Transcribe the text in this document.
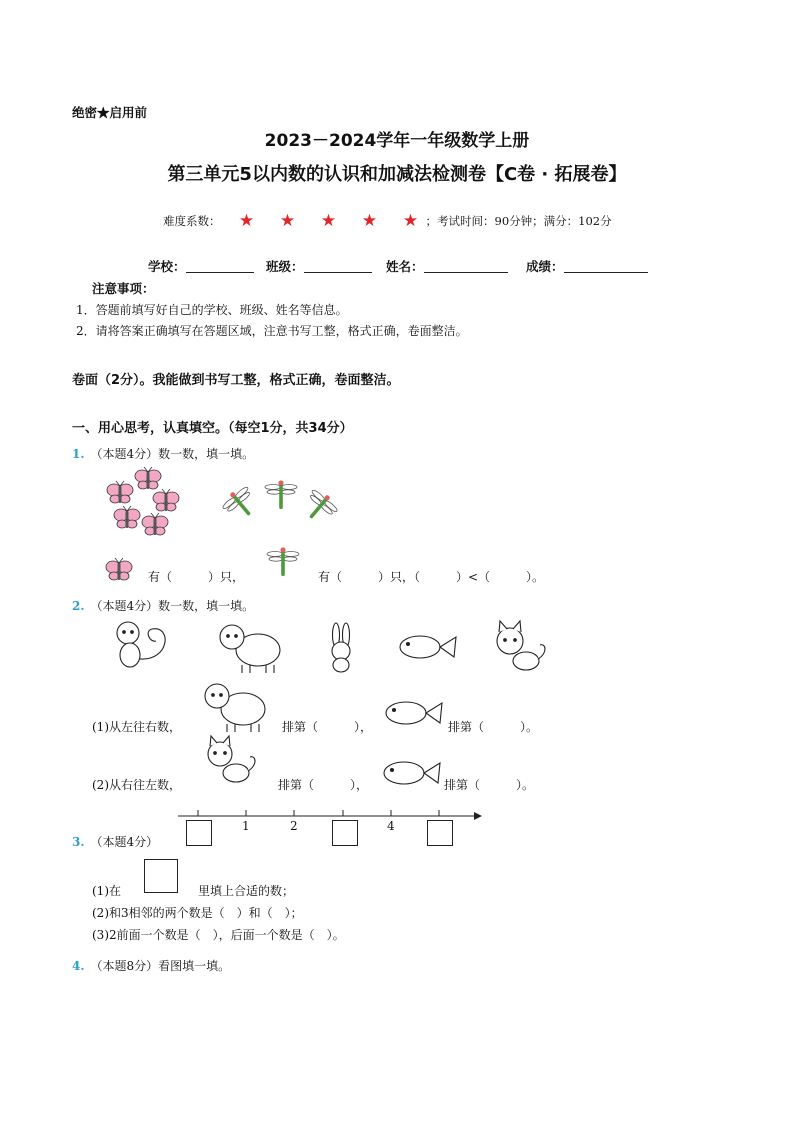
绝密★启用前
2023－2024学年一年级数学上册
第三单元5以内数的认识和加减法检测卷【C卷 · 拓展卷】
难度系数：	★	★	★	★	★ ；考试时间：90分钟；满分：102分
学校：	班级：	姓名：	成绩：
注意事项：
1．答题前填写好自己的学校、班级、姓名等信息。
2．请将答案正确填写在答题区域，注意书写工整，格式正确，卷面整洁。
卷面（2分）。我能做到书写工整，格式正确，卷面整洁。
一、用心思考，认真填空。（每空1分，共34分）
1. （本题4分）数一数，填一填。
有（　　　）只，	有（　　　）只，（　　　）<（　　　）。
2. （本题4分）数一数，填一填。
(1)从左往右数，	排第（　　　），	排第（　　　）。
(2)从右往左数，	排第（　　　），	排第（　　　）。
1	2	4
3. （本题4分）
(1)在	里填上合适的数；
(2)和3相邻的两个数是（　）和（　）；
(3)2前面一个数是（　），后面一个数是（　）。
4. （本题8分）看图填一填。
